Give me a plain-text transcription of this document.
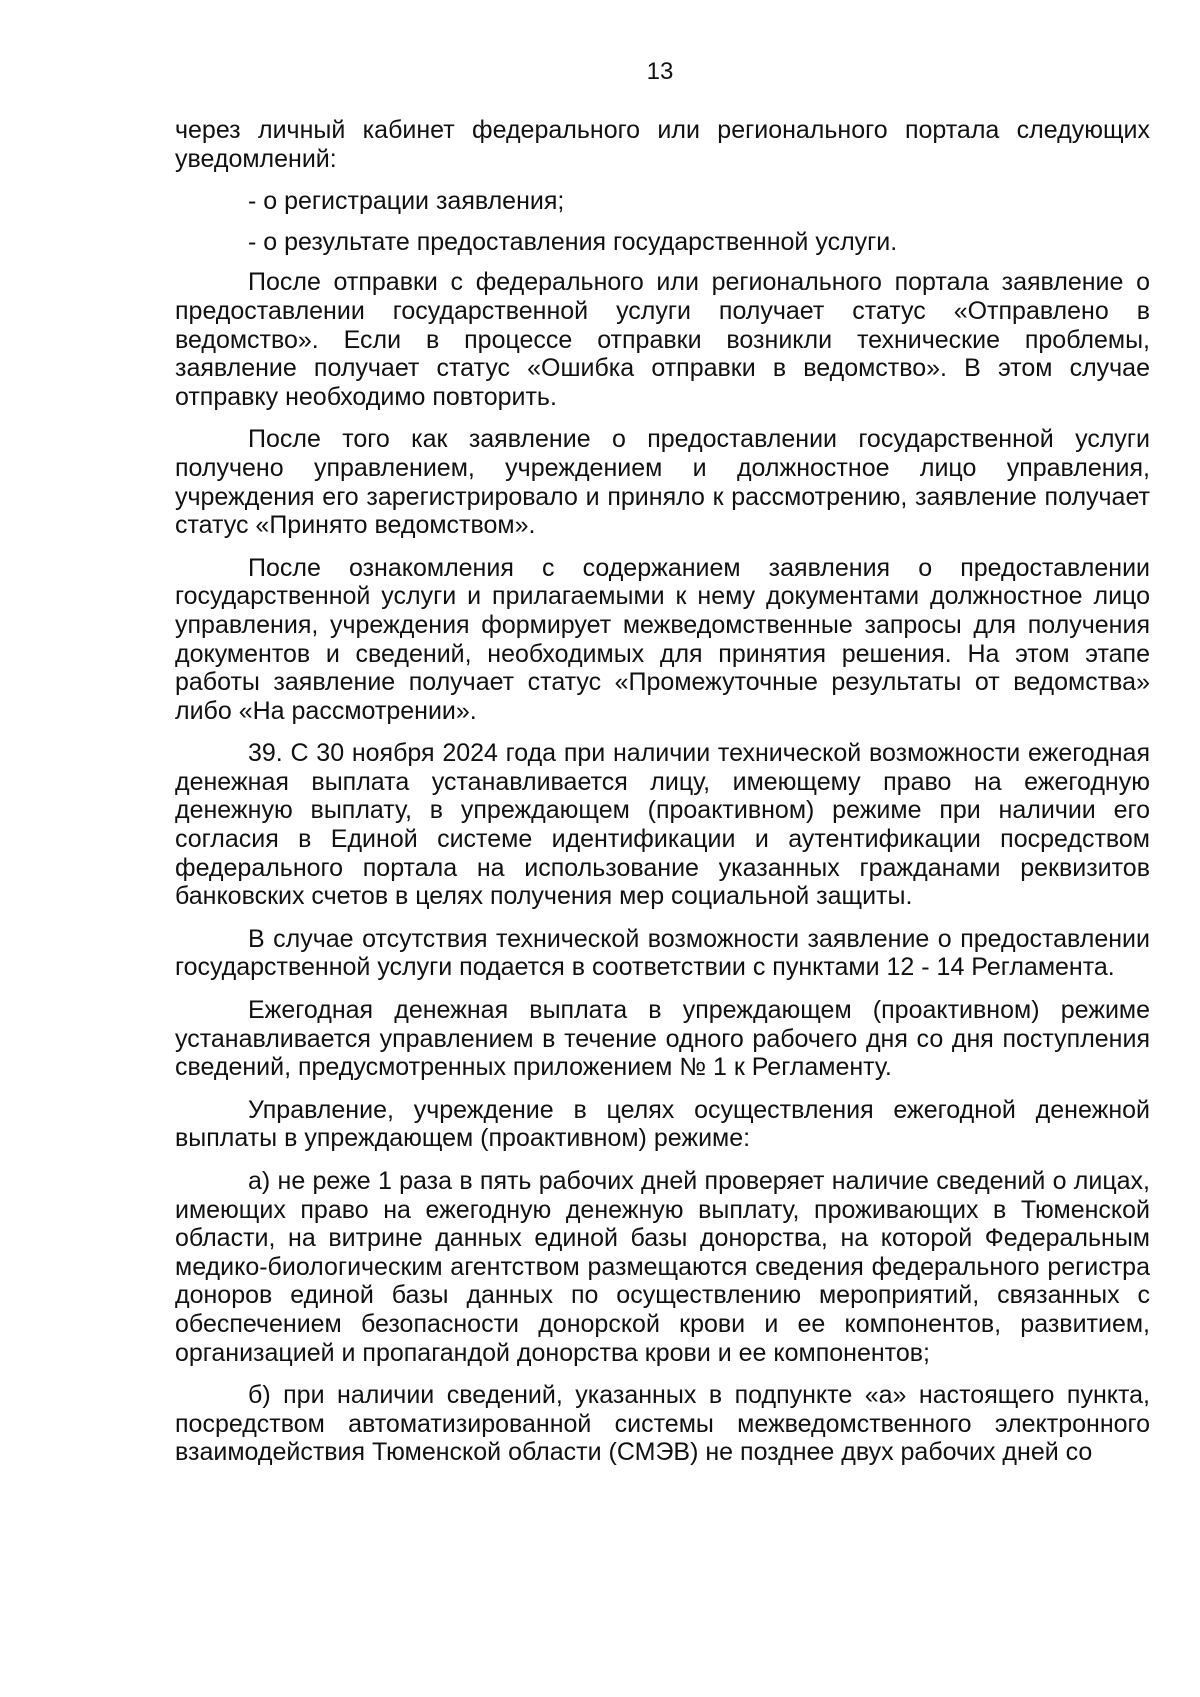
13

через личный кабинет федерального или регионального портала следующих уведомлений:

- о регистрации заявления;

- о результате предоставления государственной услуги.

После отправки с федерального или регионального портала заявление о предоставлении государственной услуги получает статус «Отправлено в ведомство». Если в процессе отправки возникли технические проблемы, заявление получает статус «Ошибка отправки в ведомство». В этом случае отправку необходимо повторить.

После того как заявление о предоставлении государственной услуги получено управлением, учреждением и должностное лицо управления, учреждения его зарегистрировало и приняло к рассмотрению, заявление получает статус «Принято ведомством».

После ознакомления с содержанием заявления о предоставлении государственной услуги и прилагаемыми к нему документами должностное лицо управления, учреждения формирует межведомственные запросы для получения документов и сведений, необходимых для принятия решения. На этом этапе работы заявление получает статус «Промежуточные результаты от ведомства» либо «На рассмотрении».

39. С 30 ноября 2024 года при наличии технической возможности ежегодная денежная выплата устанавливается лицу, имеющему право на ежегодную денежную выплату, в упреждающем (проактивном) режиме при наличии его согласия в Единой системе идентификации и аутентификации посредством федерального портала на использование указанных гражданами реквизитов банковских счетов в целях получения мер социальной защиты.

В случае отсутствия технической возможности заявление о предоставлении государственной услуги подается в соответствии с пунктами 12 - 14 Регламента.

Ежегодная денежная выплата в упреждающем (проактивном) режиме устанавливается управлением в течение одного рабочего дня со дня поступления сведений, предусмотренных приложением № 1 к Регламенту.

Управление, учреждение в целях осуществления ежегодной денежной выплаты в упреждающем (проактивном) режиме:

а) не реже 1 раза в пять рабочих дней проверяет наличие сведений о лицах, имеющих право на ежегодную денежную выплату, проживающих в Тюменской области, на витрине данных единой базы донорства, на которой Федеральным медико-биологическим агентством размещаются сведения федерального регистра доноров единой базы данных по осуществлению мероприятий, связанных с обеспечением безопасности донорской крови и ее компонентов, развитием, организацией и пропагандой донорства крови и ее компонентов;

б) при наличии сведений, указанных в подпункте «а» настоящего пункта, посредством автоматизированной системы межведомственного электронного взаимодействия Тюменской области (СМЭВ) не позднее двух рабочих дней со
